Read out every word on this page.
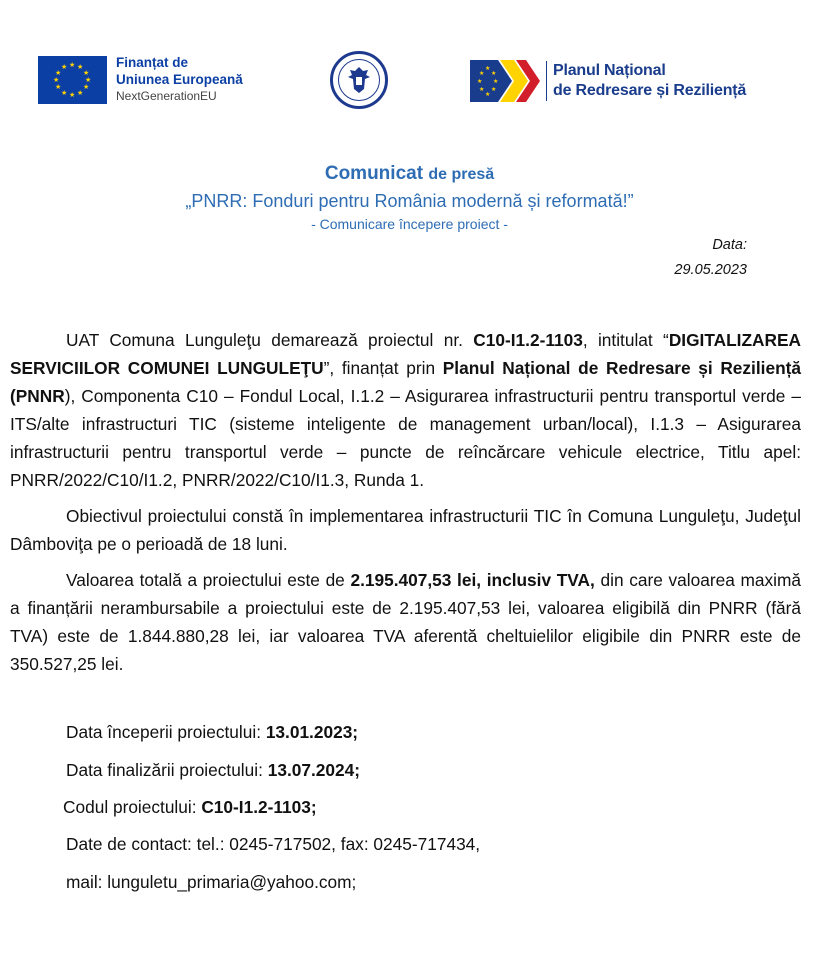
★ ★
★
★
★
★
★
★
★
★
★
★	Finanțat de
Uniunea Europeană
NextGenerationEU
★
★
★
★
★
★
★
★	Planul Național
de Redresare și Reziliență
Comunicat de presă
„PNRR: Fonduri pentru România modernă și reformată!”
- Comunicare începere proiect -
Data:
29.05.2023

UAT Comuna Lunguleţu demarează proiectul nr. C10-I1.2-1103, intitulat “DIGITALIZAREA SERVICIILOR COMUNEI LUNGULEŢU”, finanțat prin Planul Național de Redresare și Reziliență (PNNR), Componenta C10 – Fondul Local, I.1.2 – Asigurarea infrastructurii pentru transportul verde – ITS/alte infrastructuri TIC (sisteme inteligente de management urban/local), I.1.3 – Asigurarea infrastructurii pentru transportul verde – puncte de reîncărcare vehicule electrice, Titlu apel: PNRR/2022/C10/I1.2, PNRR/2022/C10/I1.3, Runda 1.

Obiectivul proiectului constă în implementarea infrastructurii TIC în Comuna Lunguleţu, Judeţul Dâmboviţa pe o perioadă de 18 luni.

Valoarea totală a proiectului este de 2.195.407,53 lei, inclusiv TVA, din care valoarea maximă a finanțării nerambursabile a proiectului este de 2.195.407,53 lei, valoarea eligibilă din PNRR (fără TVA) este de 1.844.880,28 lei, iar valoarea TVA aferentă cheltuielilor eligibile din PNRR este de 350.527,25 lei.

Data începerii proiectului: 13.01.2023;
Data finalizării proiectului: 13.07.2024;
Codul proiectului: C10-I1.2-1103;
Date de contact: tel.: 0245-717502, fax: 0245-717434,
mail: lunguletu_primaria@yahoo.com;
